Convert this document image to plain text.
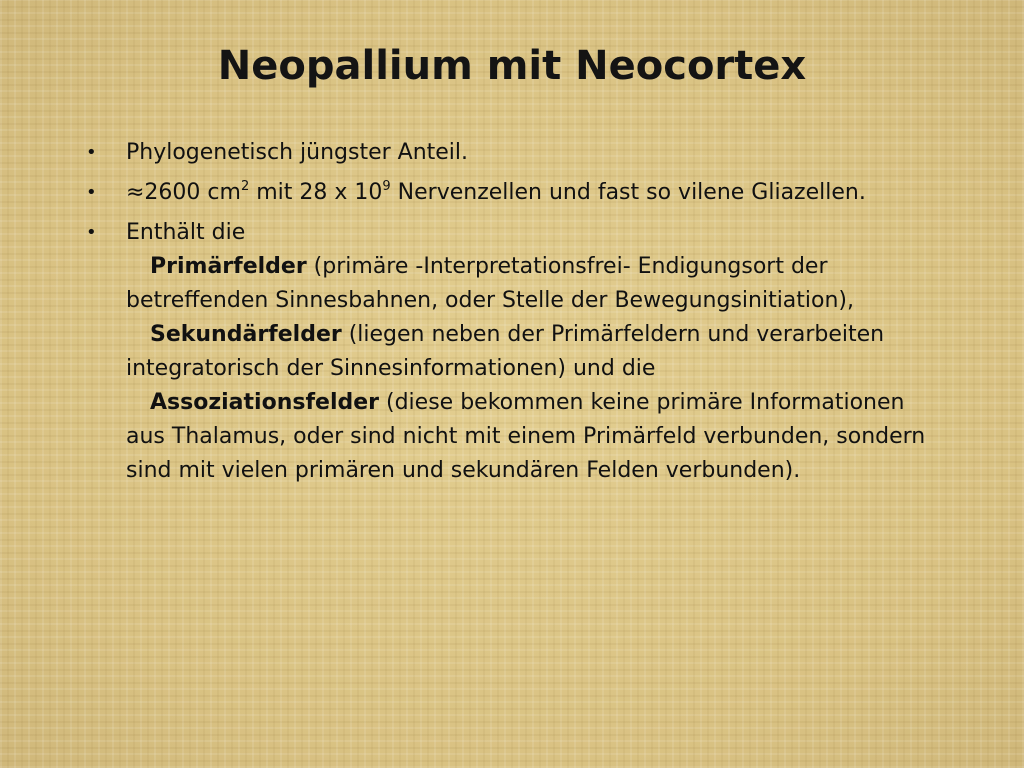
Neopallium mit Neocortex
•	Phylogenetisch jüngster Anteil.
•	≈2600 $cm^2$ mit 28 x $10^9$ Nervenzellen und fast so vilene Gliazellen.
•	Enthält die
Primärfelder (primäre -Interpretationsfrei- Endigungsort der betreffenden Sinnesbahnen, oder Stelle der Bewegungsinitiation),
Sekundärfelder (liegen neben der Primärfeldern und verarbeiten integratorisch der Sinnesinformationen) und die
Assoziationsfelder (diese bekommen keine primäre Informationen aus Thalamus, oder sind nicht mit einem Primärfeld verbunden, sondern sind mit vielen primären und sekundären Felden verbunden).
